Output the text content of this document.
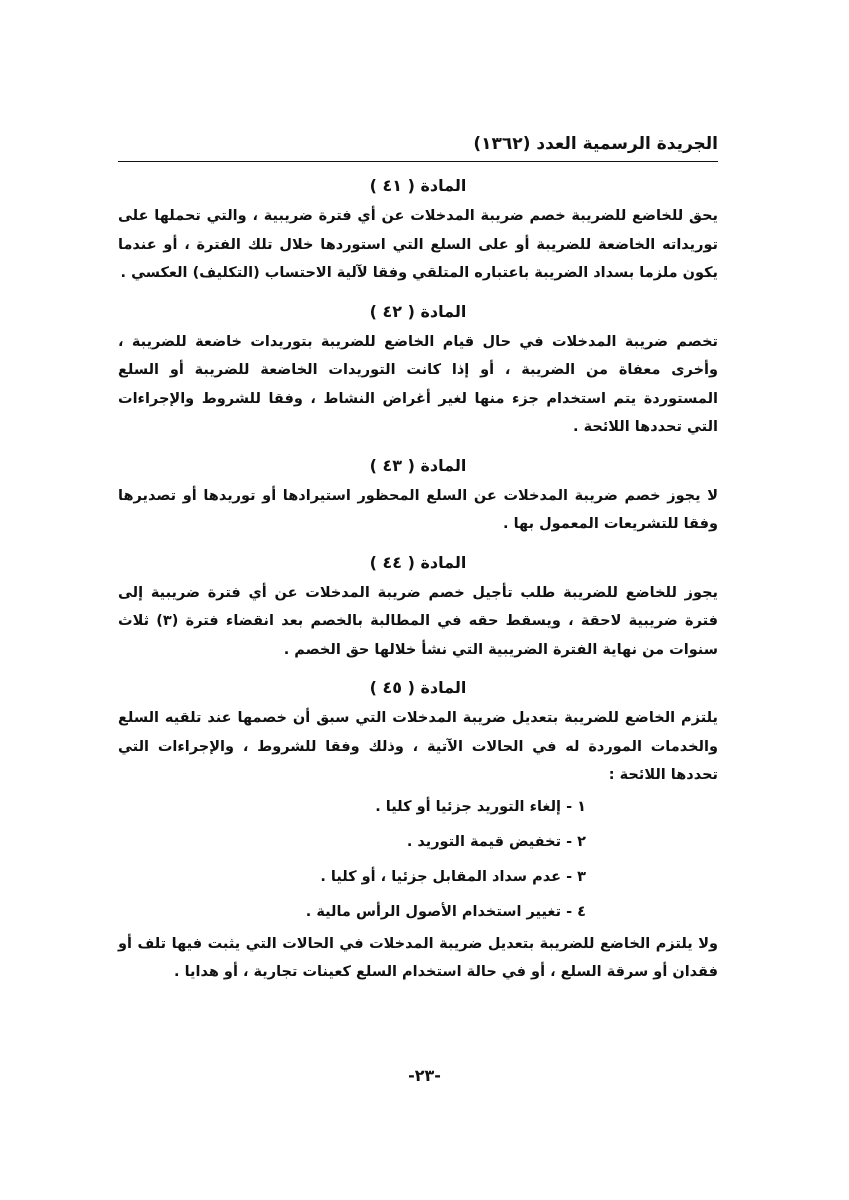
الجريدة الرسمية العدد (١٣٦٢)
المادة ( ٤١ )

يحق للخاضع للضريبة خصم ضريبة المدخلات عن أي فترة ضريبية ، والتي تحملها على توريداته الخاضعة للضريبة أو على السلع التي استوردها خلال تلك الفترة ، أو عندما يكون ملزما بسداد الضريبة باعتباره المتلقي وفقا لآلية الاحتساب (التكليف) العكسي .

المادة ( ٤٢ )

تخصم ضريبة المدخلات في حال قيام الخاضع للضريبة بتوريدات خاضعة للضريبة ، وأخرى معفاة من الضريبة ، أو إذا كانت التوريدات الخاضعة للضريبة أو السلع المستوردة يتم استخدام جزء منها لغير أغراض النشاط ، وفقا للشروط والإجراءات التي تحددها اللائحة .

المادة ( ٤٣ )

لا يجوز خصم ضريبة المدخلات عن السلع المحظور استيرادها أو توريدها أو تصديرها وفقا للتشريعات المعمول بها .

المادة ( ٤٤ )

يجوز للخاضع للضريبة طلب تأجيل خصم ضريبة المدخلات عن أي فترة ضريبية إلى فترة ضريبية لاحقة ، ويسقط حقه في المطالبة بالخصم بعد انقضاء فترة (٣) ثلاث سنوات من نهاية الفترة الضريبية التي نشأ خلالها حق الخصم .

المادة ( ٤٥ )

يلتزم الخاضع للضريبة بتعديل ضريبة المدخلات التي سبق أن خصمها عند تلقيه السلع والخدمات الموردة له في الحالات الآتية ، وذلك وفقا للشروط ، والإجراءات التي تحددها اللائحة :

١ - إلغاء التوريد جزئيا أو كليا .
٢ - تخفيض قيمة التوريد .
٣ - عدم سداد المقابل جزئيا ، أو كليا .
٤ - تغيير استخدام الأصول الرأس مالية .

ولا يلتزم الخاضع للضريبة بتعديل ضريبة المدخلات في الحالات التي يثبت فيها تلف أو فقدان أو سرقة السلع ، أو في حالة استخدام السلع كعينات تجارية ، أو هدايا .

-٢٣-
